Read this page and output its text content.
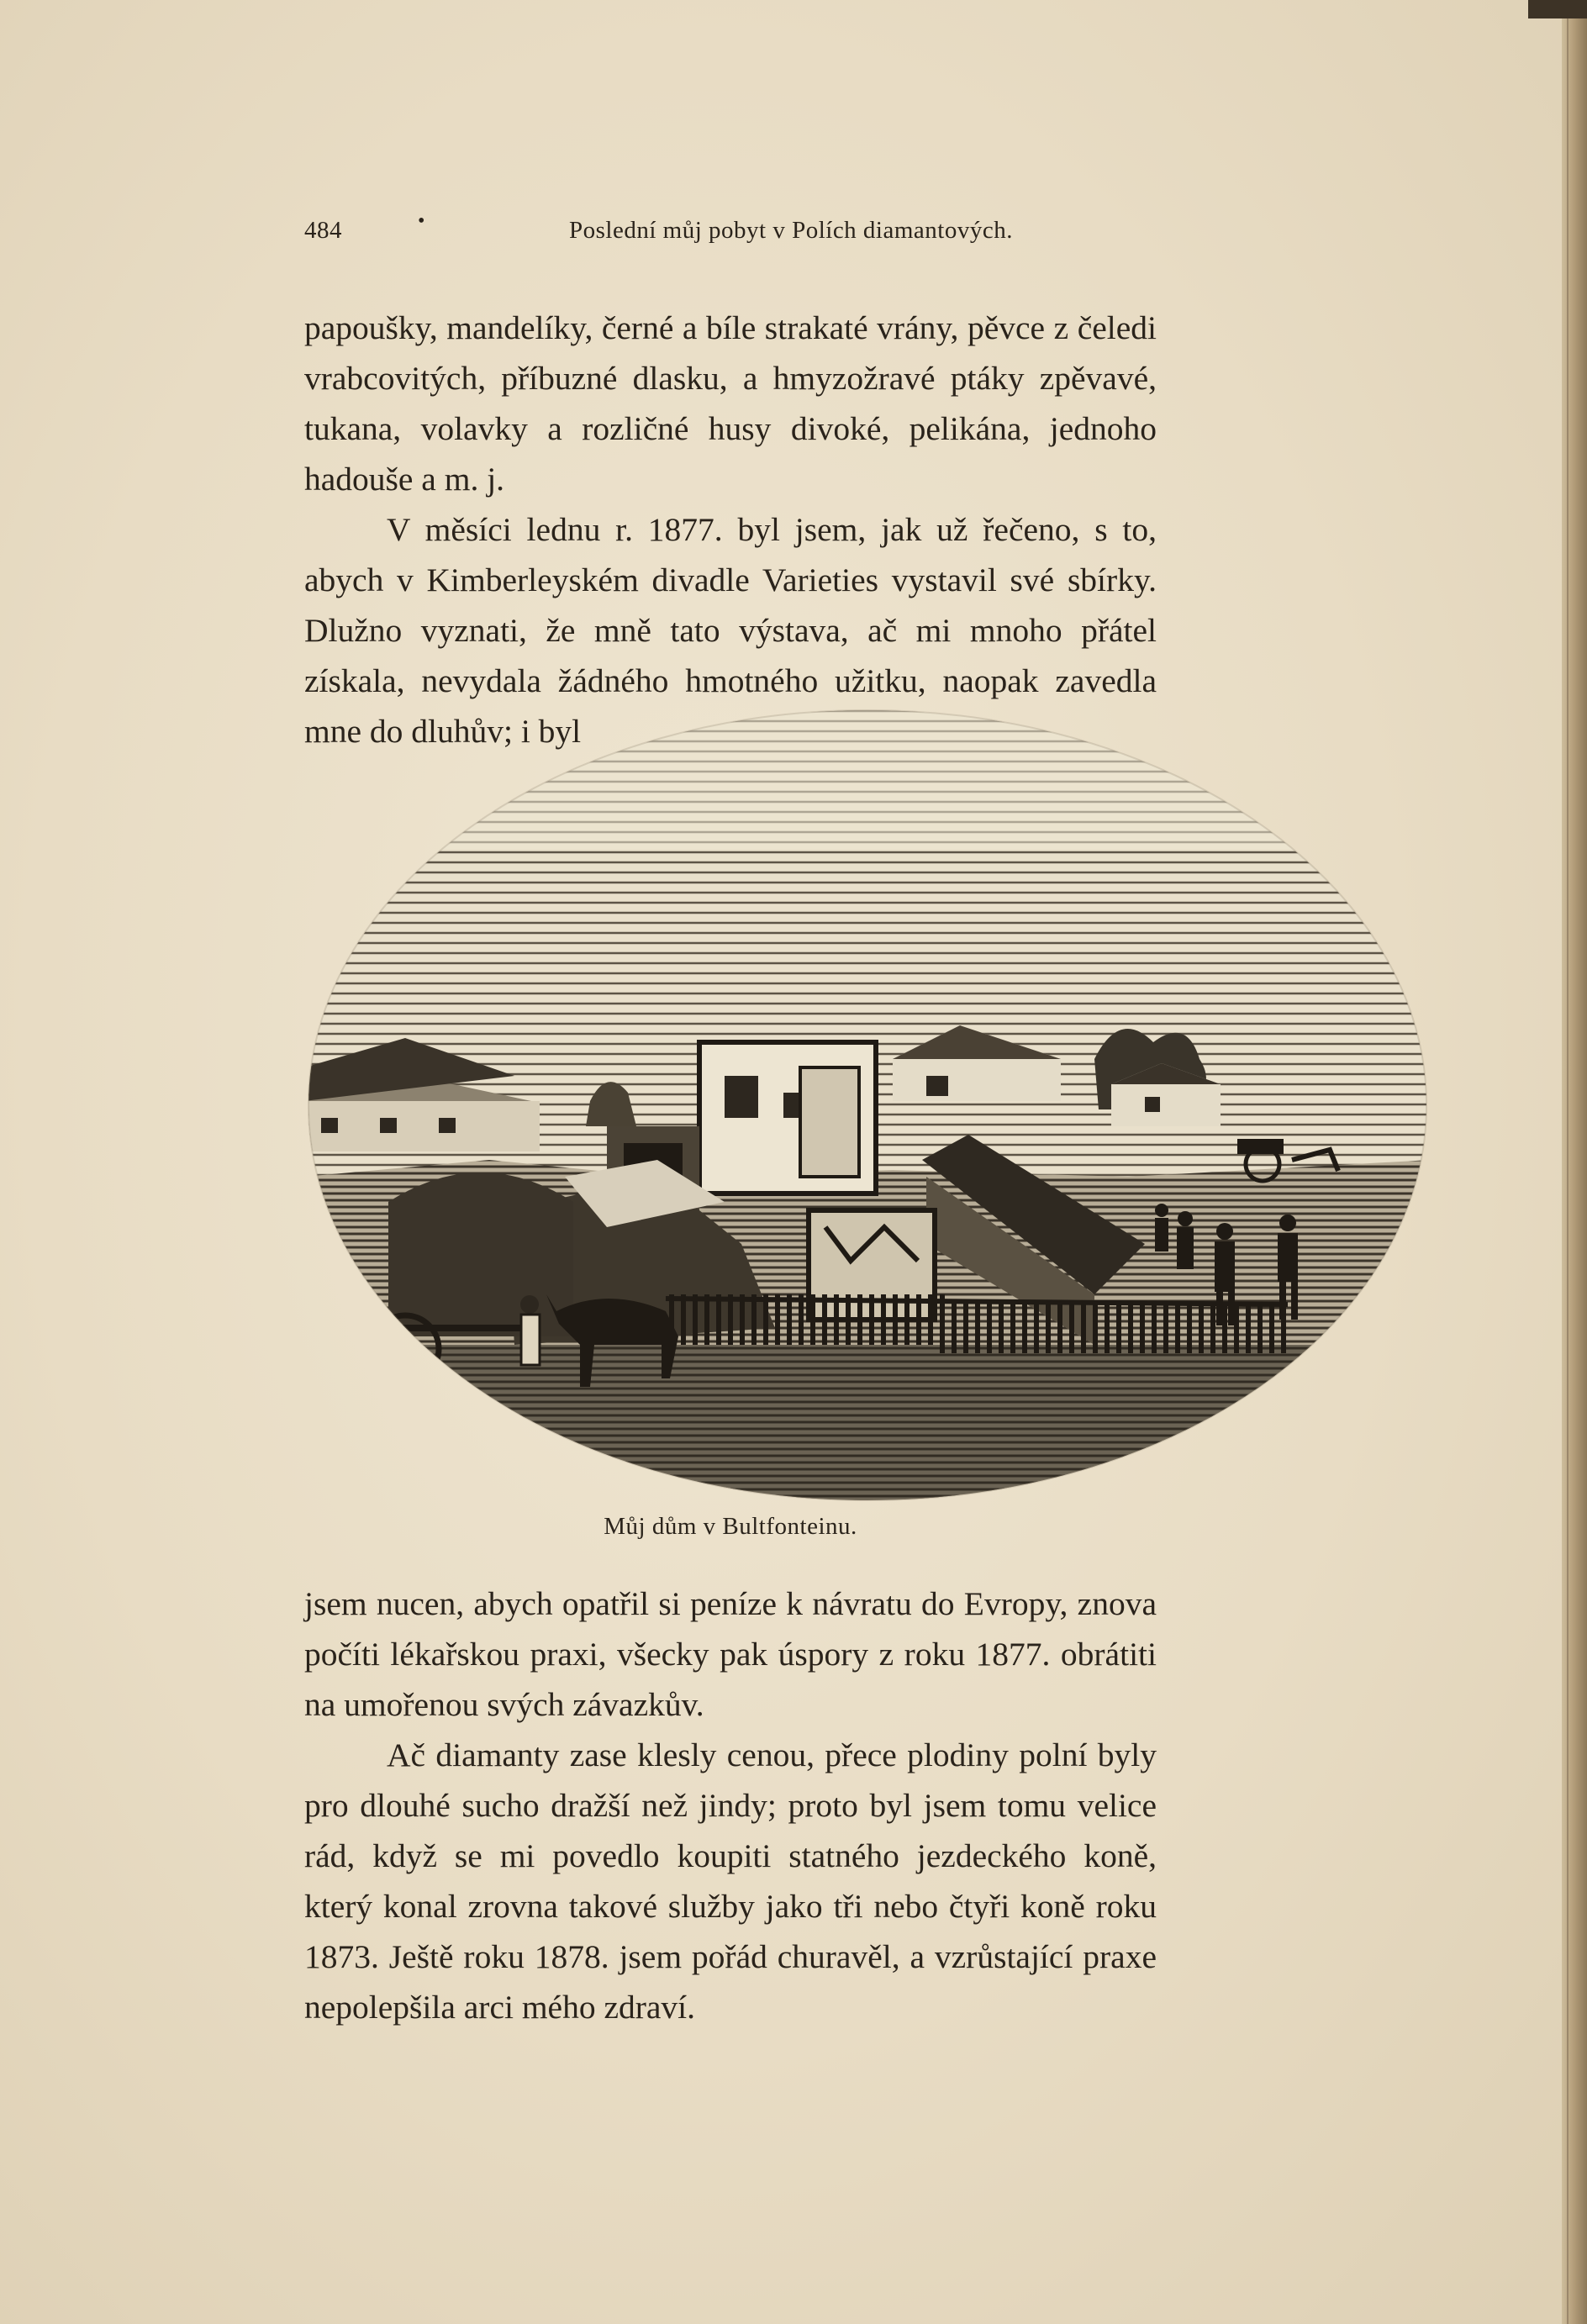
484	•	Poslední můj pobyt v Polích diamantových.

papoušky, mandelíky, černé a bíle strakaté vrány, pěvce z čeledi vrabcovitých, příbuzné dlasku, a hmyzožravé ptáky zpěvavé, tukana, volavky a rozličné husy divoké, pelikána, jednoho hadouše a m. j.

V měsíci lednu r. 1877. byl jsem, jak už řečeno, s to, abych v Kimberleyském divadle Varieties vystavil své sbírky. Dlužno vyznati, že mně tato výstava, ač mi mnoho přátel získala, nevydala žádného hmotného užitku, naopak zavedla mne do dluhův; i byl

Můj dům v Bultfonteinu.

jsem nucen, abych opatřil si peníze k návratu do Evropy, znova počíti lékařskou praxi, všecky pak úspory z roku 1877. obrátiti na umořenou svých závazkův.

Ač diamanty zase klesly cenou, přece plodiny polní byly pro dlouhé sucho dražší než jindy; proto byl jsem tomu velice rád, když se mi povedlo koupiti statného jezdeckého koně, který konal zrovna takové služby jako tři nebo čtyři koně roku 1873. Ještě roku 1878. jsem pořád churavěl, a vzrůstající praxe nepolepšila arci mého zdraví.
